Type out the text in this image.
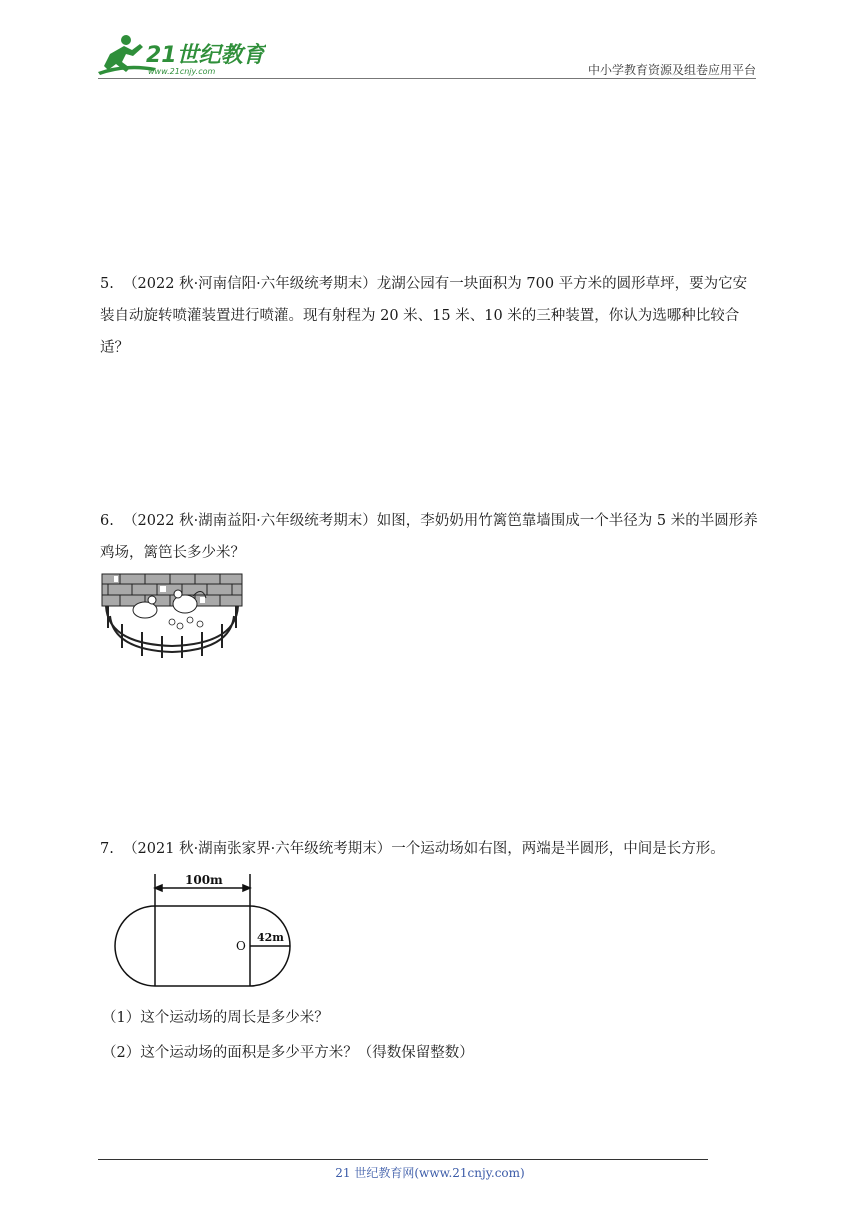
21世纪教育
www.21cnjy.com	中小学教育资源及组卷应用平台
5. （2022 秋·河南信阳·六年级统考期末）龙湖公园有一块面积为 700 平方米的圆形草坪，要为它安装自动旋转喷灌装置进行喷灌。现有射程为 20 米、15 米、10 米的三种装置，你认为选哪种比较合适？
6. （2022 秋·湖南益阳·六年级统考期末）如图，李奶奶用竹篱笆靠墙围成一个半径为 5 米的半圆形养鸡场，篱笆长多少米？
7. （2021 秋·湖南张家界·六年级统考期末）一个运动场如右图，两端是半圆形，中间是长方形。
100m
O
42m
（1）这个运动场的周长是多少米？
（2）这个运动场的面积是多少平方米？（得数保留整数）
21 世纪教育网(www.21cnjy.com)
